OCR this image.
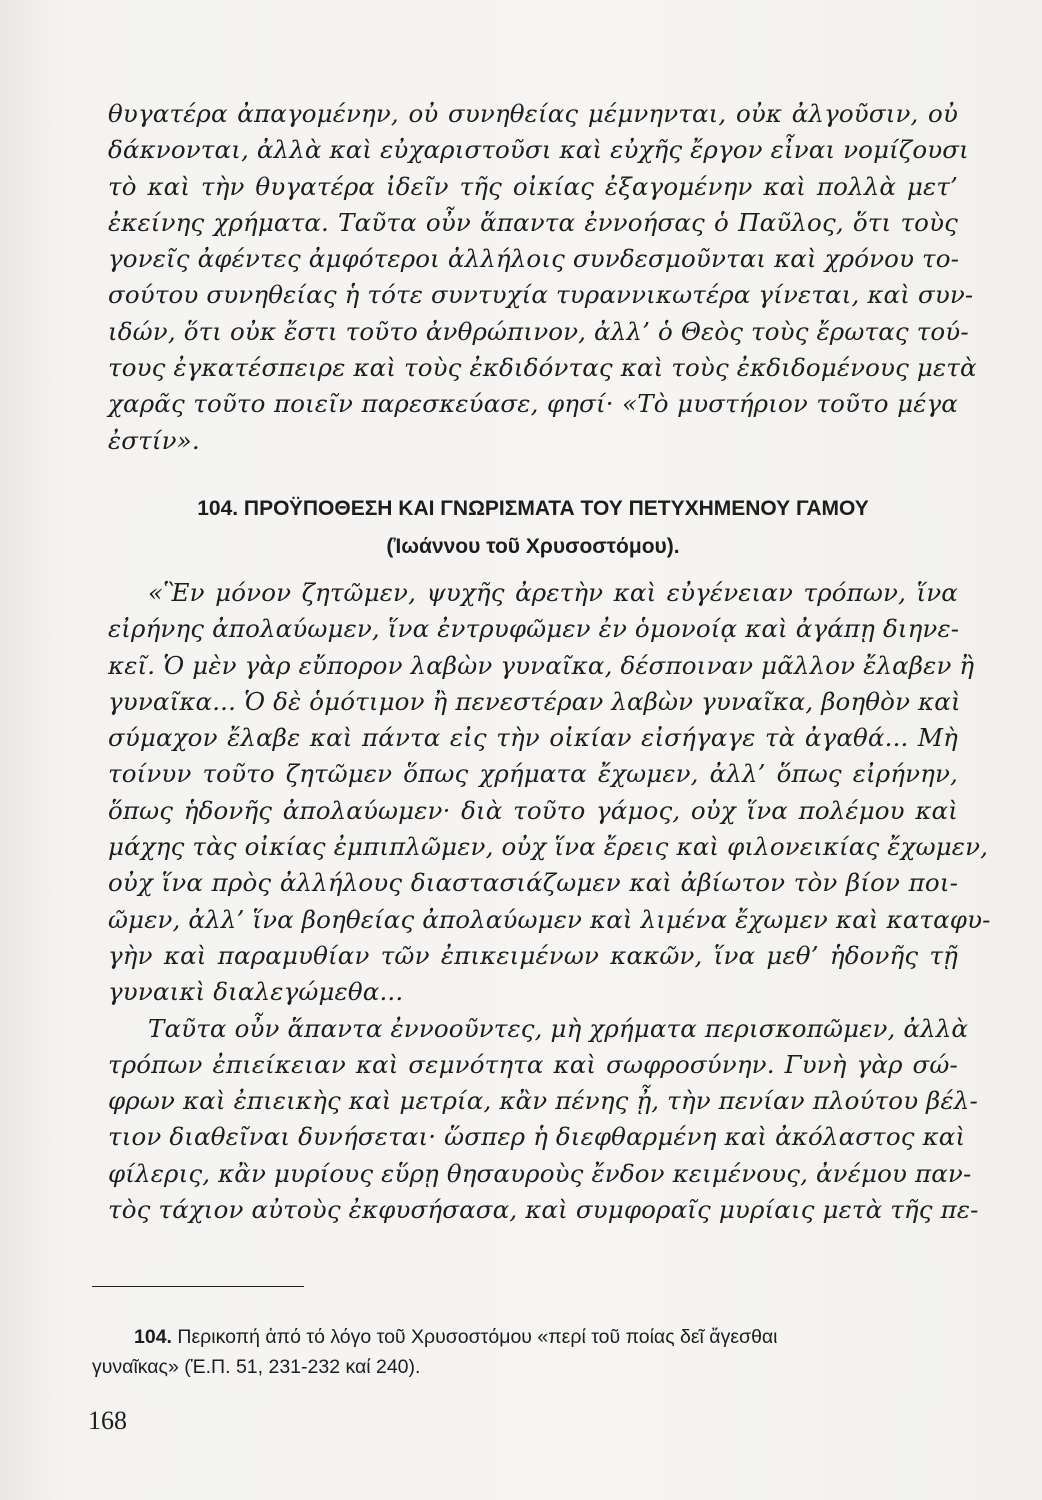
θυγατέρα ἀπαγομένην, οὐ συνηθείας μέμνηνται, οὐκ ἀλγοῦσιν, οὐ
δάκνονται, ἀλλὰ καὶ εὐχαριστοῦσι καὶ εὐχῆς ἔργον εἶναι νομίζουσι
τὸ καὶ τὴν θυγατέρα ἰδεῖν τῆς οἰκίας ἐξαγομένην καὶ πολλὰ μετ’
ἐκείνης χρήματα. Ταῦτα οὖν ἅπαντα ἐννοήσας ὁ Παῦλος, ὅτι τοὺς
γονεῖς ἀφέντες ἀμφότεροι ἀλλήλοις συνδεσμοῦνται καὶ χρόνου το-
σούτου συνηθείας ἡ τότε συντυχία τυραννικωτέρα γίνεται, καὶ συν-
ιδών, ὅτι οὐκ ἔστι τοῦτο ἀνθρώπινον, ἀλλ’ ὁ Θεὸς τοὺς ἔρωτας τού-
τους ἐγκατέσπειρε καὶ τοὺς ἐκδιδόντας καὶ τοὺς ἐκδιδομένους μετὰ
χαρᾶς τοῦτο ποιεῖν παρεσκεύασε, φησί· «Τὸ μυστήριον τοῦτο μέγα
ἐστίν».
104. ΠΡΟΫΠΟΘΕΣΗ ΚΑΙ ΓΝΩΡΙΣΜΑΤΑ ΤΟΥ ΠΕΤΥΧΗΜΕΝΟΥ ΓΑΜΟΥ
(Ἰωάννου τοῦ Χρυσοστόμου).
«Ἓν μόνον ζητῶμεν, ψυχῆς ἀρετὴν καὶ εὐγένειαν τρόπων, ἵνα
εἰρήνης ἀπολαύωμεν, ἵνα ἐντρυφῶμεν ἐν ὁμονοίᾳ καὶ ἀγάπῃ διηνε-
κεῖ. Ὁ μὲν γὰρ εὔπορον λαβὼν γυναῖκα, δέσποιναν μᾶλλον ἔλαβεν ἢ
γυναῖκα... Ὁ δὲ ὁμότιμον ἢ πενεστέραν λαβὼν γυναῖκα, βοηθὸν καὶ
σύμαχον ἔλαβε καὶ πάντα εἰς τὴν οἰκίαν εἰσήγαγε τὰ ἀγαθά... Μὴ
τοίνυν τοῦτο ζητῶμεν ὅπως χρήματα ἔχωμεν, ἀλλ’ ὅπως εἰρήνην,
ὅπως ἡδονῆς ἀπολαύωμεν· διὰ τοῦτο γάμος, οὐχ ἵνα πολέμου καὶ
μάχης τὰς οἰκίας ἐμπιπλῶμεν, οὐχ ἵνα ἔρεις καὶ φιλονεικίας ἔχωμεν,
οὐχ ἵνα πρὸς ἀλλήλους διαστασιάζωμεν καὶ ἀβίωτον τὸν βίον ποι-
ῶμεν, ἀλλ’ ἵνα βοηθείας ἀπολαύωμεν καὶ λιμένα ἔχωμεν καὶ καταφυ-
γὴν καὶ παραμυθίαν τῶν ἐπικειμένων κακῶν, ἵνα μεθ’ ἡδονῆς τῇ
γυναικὶ διαλεγώμεθα...
Ταῦτα οὖν ἅπαντα ἐννοοῦντες, μὴ χρήματα περισκοπῶμεν, ἀλλὰ
τρόπων ἐπιείκειαν καὶ σεμνότητα καὶ σωφροσύνην. Γυνὴ γὰρ σώ-
φρων καὶ ἐπιεικὴς καὶ μετρία, κἂν πένης ᾖ, τὴν πενίαν πλούτου βέλ-
τιον διαθεῖναι δυνήσεται· ὥσπερ ἡ διεφθαρμένη καὶ ἀκόλαστος καὶ
φίλερις, κἂν μυρίους εὕρῃ θησαυροὺς ἔνδον κειμένους, ἀνέμου παν-
τὸς τάχιον αὐτοὺς ἐκφυσήσασα, καὶ συμφοραῖς μυρίαις μετὰ τῆς πε-
104. Περικοπή ἀπό τό λόγο τοῦ Χρυσοστόμου «περί τοῦ ποίας δεῖ ἄγεσθαι
γυναῖκας» (Ἑ.Π. 51, 231-232 καί 240).
168
